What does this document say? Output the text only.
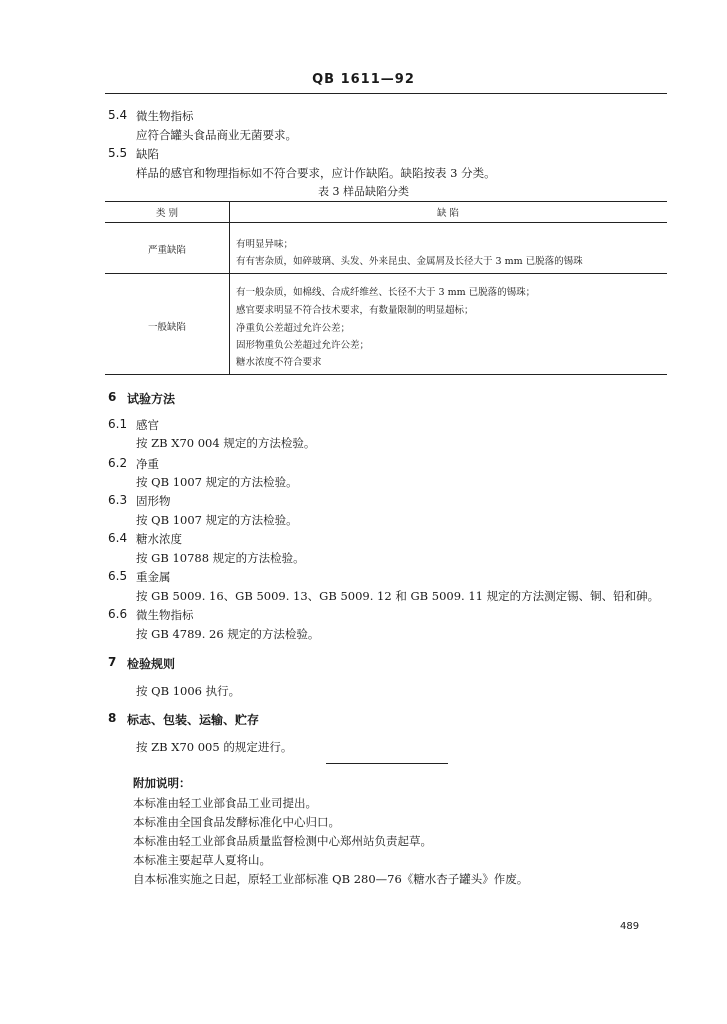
QB 1611—92
5.4 微生物指标
应符合罐头食品商业无菌要求。
5.5 缺陷
样品的感官和物理指标如不符合要求，应计作缺陷。缺陷按表 3 分类。
表 3 样品缺陷分类
类 别	缺 陷
严重缺陷
有明显异味；
有有害杂质，如碎玻璃、头发、外来昆虫、金属屑及长径大于 3 mm 已脱落的锡珠
一般缺陷
有一般杂质，如棉线、合成纤维丝、长径不大于 3 mm 已脱落的锡珠；
感官要求明显不符合技术要求，有数量限制的明显超标；
净重负公差超过允许公差；
固形物重负公差超过允许公差；
糖水浓度不符合要求
6 试验方法
6.1 感官
按 ZB X70 004 规定的方法检验。
6.2 净重
按 QB 1007 规定的方法检验。
6.3 固形物
按 QB 1007 规定的方法检验。
6.4 糖水浓度
按 GB 10788 规定的方法检验。
6.5 重金属
按 GB 5009. 16、GB 5009. 13、GB 5009. 12 和 GB 5009. 11 规定的方法测定锡、铜、铅和砷。
6.6 微生物指标
按 GB 4789. 26 规定的方法检验。
7 检验规则
按 QB 1006 执行。
8 标志、包装、运输、贮存
按 ZB X70 005 的规定进行。
附加说明：
本标准由轻工业部食品工业司提出。
本标准由全国食品发酵标准化中心归口。
本标准由轻工业部食品质量监督检测中心郑州站负责起草。
本标准主要起草人夏将山。
自本标准实施之日起，原轻工业部标准 QB 280—76《糖水杏子罐头》作废。
489
